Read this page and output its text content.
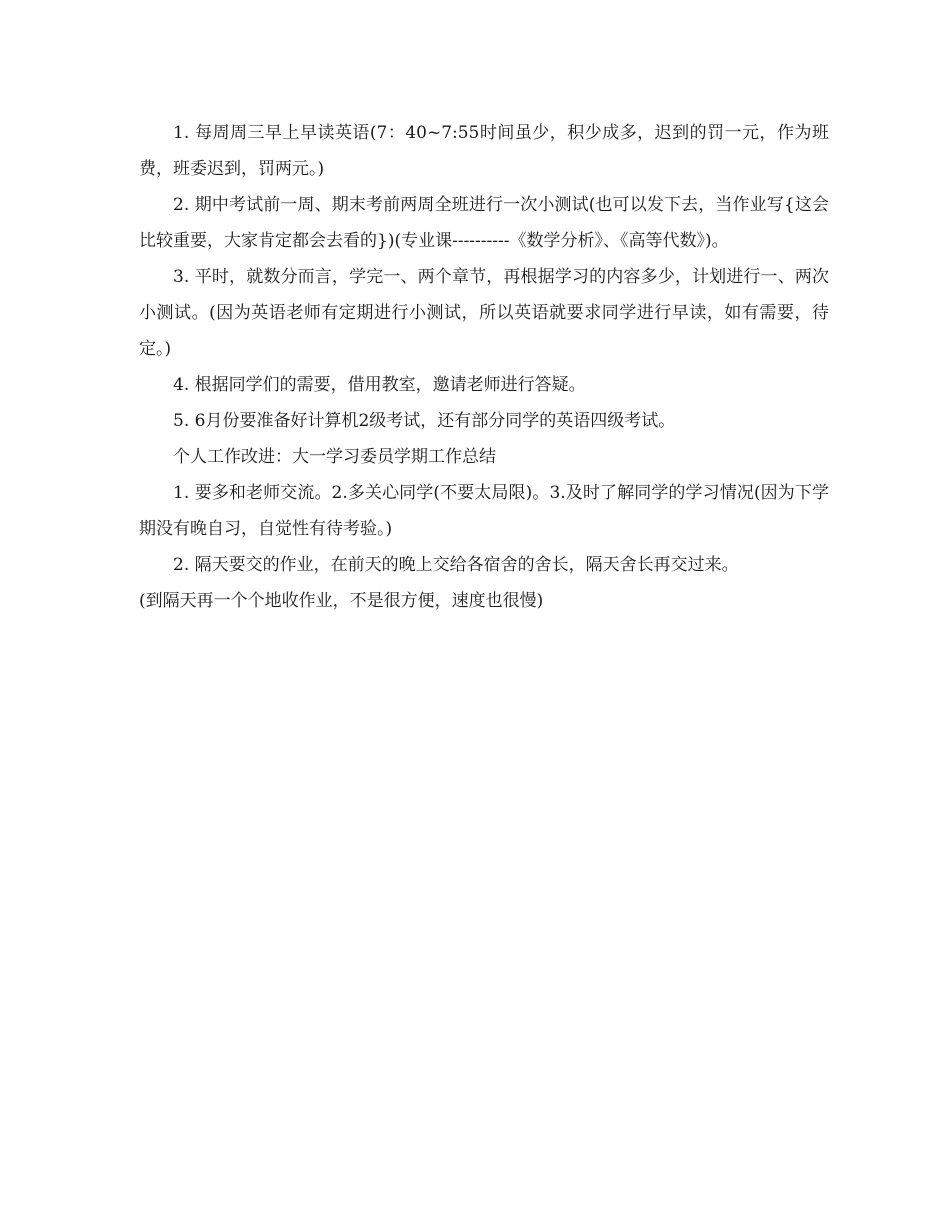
1. 每周周三早上早读英语(7：40~7:55时间虽少，积少成多，迟到的罚一元，作为班费，班委迟到，罚两元。)

2. 期中考试前一周、期末考前两周全班进行一次小测试(也可以发下去，当作业写{这会比较重要，大家肯定都会去看的})(专业课----------《数学分析》、《高等代数》)。

3. 平时，就数分而言，学完一、两个章节，再根据学习的内容多少，计划进行一、两次小测试。(因为英语老师有定期进行小测试，所以英语就要求同学进行早读，如有需要，待定。)

4. 根据同学们的需要，借用教室，邀请老师进行答疑。

5. 6月份要准备好计算机2级考试，还有部分同学的英语四级考试。

个人工作改进：大一学习委员学期工作总结

1. 要多和老师交流。2.多关心同学(不要太局限)。3.及时了解同学的学习情况(因为下学期没有晚自习，自觉性有待考验。)

2. 隔天要交的作业，在前天的晚上交给各宿舍的舍长，隔天舍长再交过来。

(到隔天再一个个地收作业，不是很方便，速度也很慢)
